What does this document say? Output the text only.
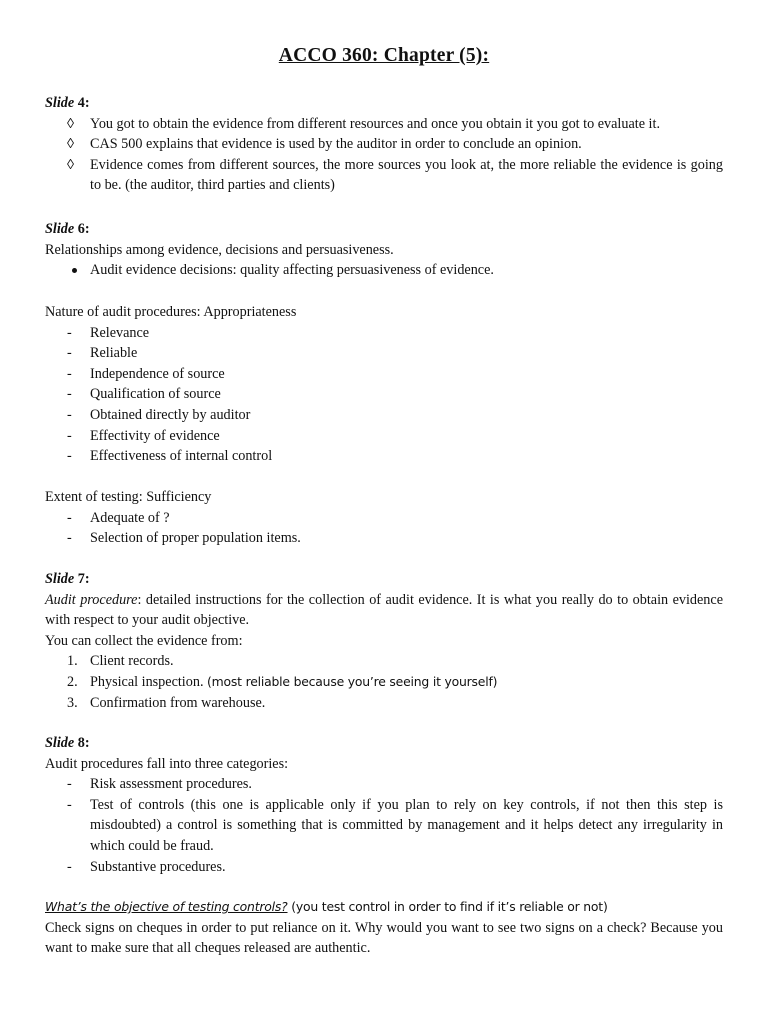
ACCO 360: Chapter (5):

Slide 4:

◊	You got to obtain the evidence from different resources and once you obtain it you got to evaluate it.
◊	CAS 500 explains that evidence is used by the auditor in order to conclude an opinion.
◊	Evidence comes from different sources, the more sources you look at, the more reliable the evidence is going to be. (the auditor, third parties and clients)

Slide 6:

Relationships among evidence, decisions and persuasiveness.

Audit evidence decisions: quality affecting persuasiveness of evidence.

Nature of audit procedures: Appropriateness

-	Relevance
-	Reliable
-	Independence of source
-	Qualification of source
-	Obtained directly by auditor
-	Effectivity of evidence
-	Effectiveness of internal control

Extent of testing: Sufficiency

-	Adequate of ?
-	Selection of proper population items.

Slide 7:

Audit procedure: detailed instructions for the collection of audit evidence. It is what you really do to obtain evidence with respect to your audit objective.

You can collect the evidence from:

1. Client records.
2. Physical inspection. (most reliable because you’re seeing it yourself)
3. Confirmation from warehouse.

Slide 8:

Audit procedures fall into three categories:

-	Risk assessment procedures.
-	Test of controls (this one is applicable only if you plan to rely on key controls, if not then this step is misdoubted) a control is something that is committed by management and it helps detect any irregularity in which could be fraud.
-	Substantive procedures.

What’s the objective of testing controls? (you test control in order to find if it’s reliable or not)

Check signs on cheques in order to put reliance on it. Why would you want to see two signs on a check? Because you want to make sure that all cheques released are authentic.
